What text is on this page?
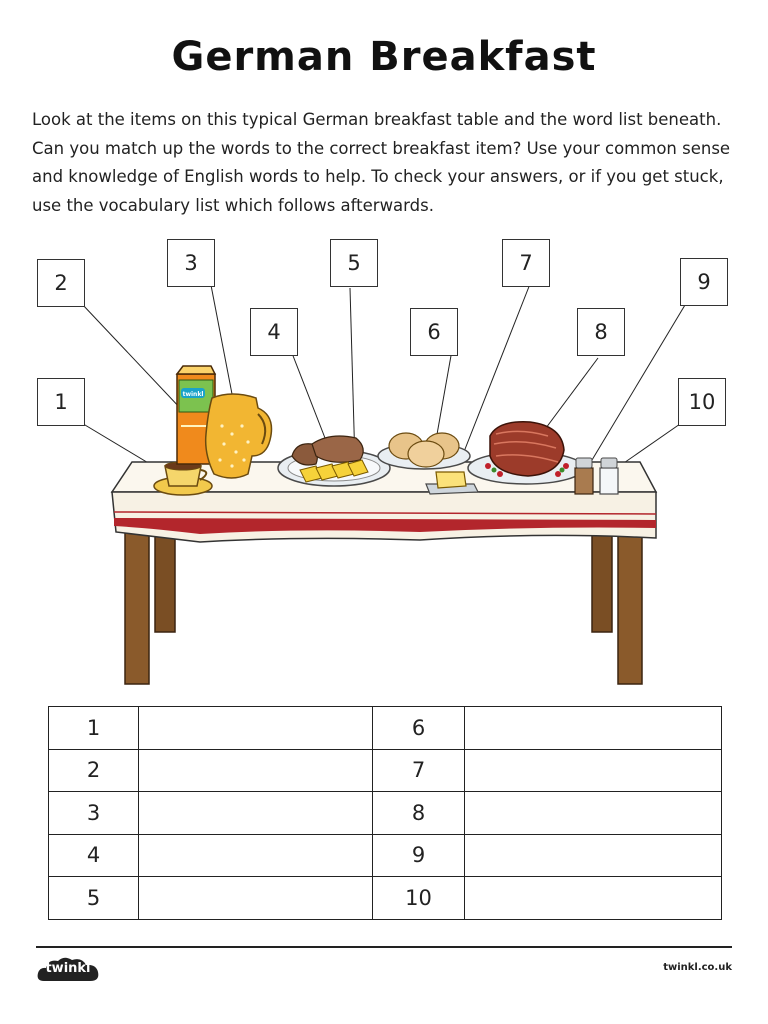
German Breakfast

Look at the items on this typical German breakfast table and the word list beneath.

Can you match up the words to the correct breakfast item? Use your common sense

and knowledge of English words to help. To check your answers, or if you get stuck,

use the vocabulary list which follows afterwards.

twinkl
1
2
3
4
5
6
7
8
9
10
1		6	
2		7	
3		8	
4		9	
5		10	
twinkl	twinkl.co.uk
